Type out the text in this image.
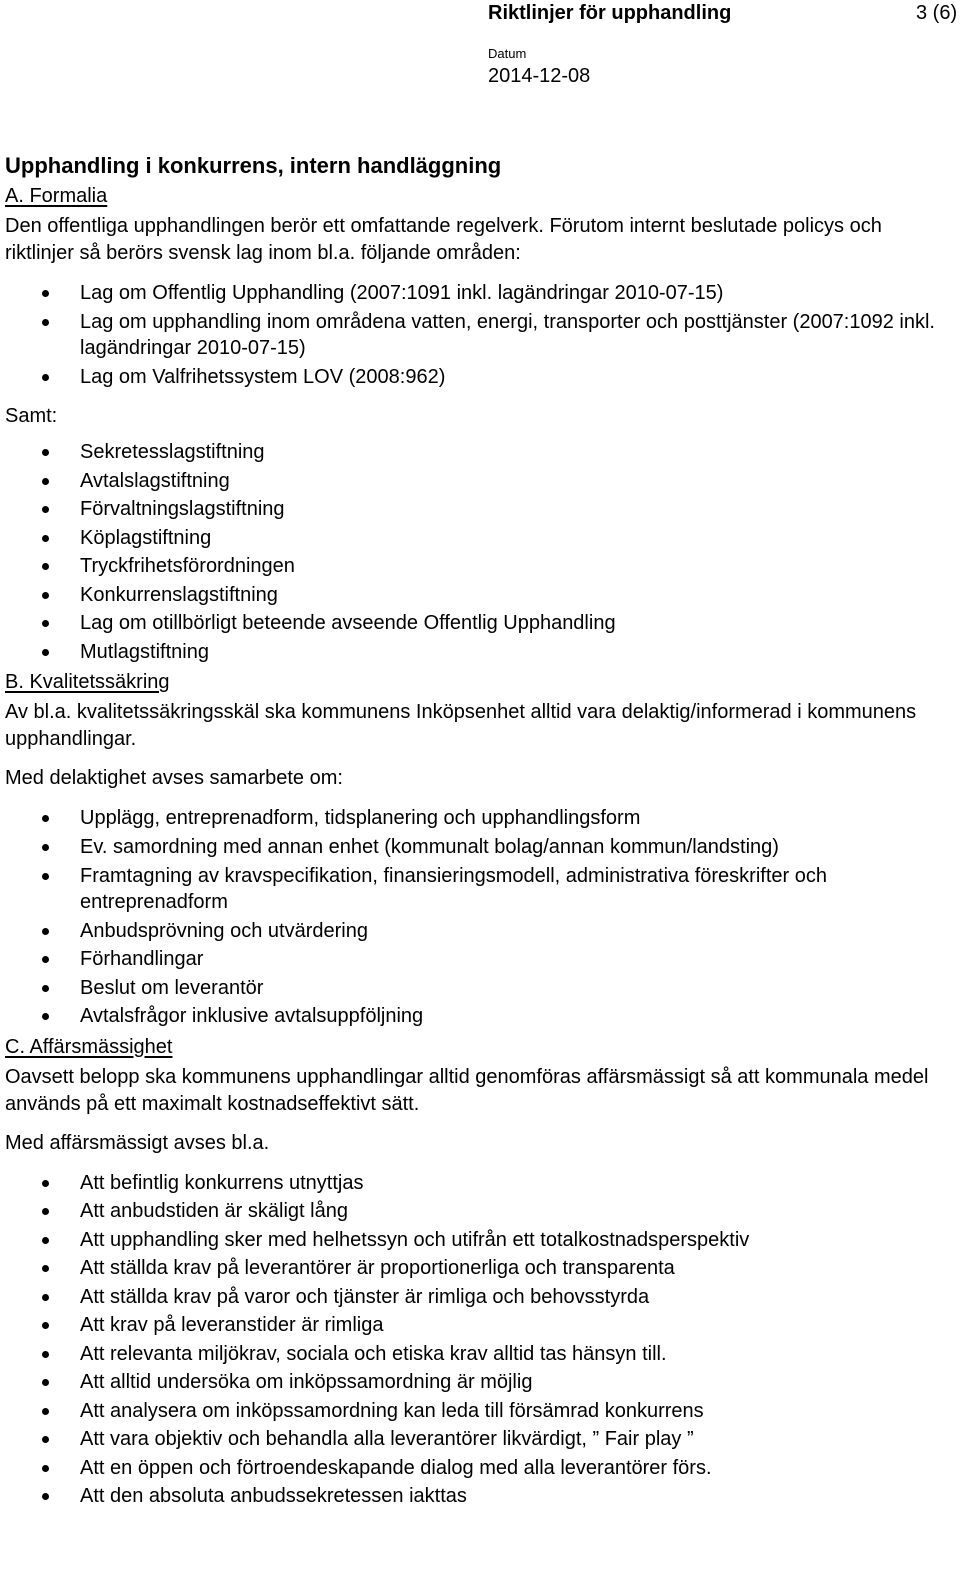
Riktlinjer för upphandling	3 (6)
Datum
2014-12-08

Upphandling i konkurrens, intern handläggning

A. Formalia

Den offentliga upphandlingen berör ett omfattande regelverk. Förutom internt beslutade policys och riktlinjer så berörs svensk lag inom bl.a. följande områden:

Lag om Offentlig Upphandling (2007:1091 inkl. lagändringar 2010-07-15)
Lag om upphandling inom områdena vatten, energi, transporter och posttjänster (2007:1092 inkl. lagändringar 2010-07-15)
Lag om Valfrihetssystem LOV (2008:962)

Samt:

Sekretesslagstiftning
Avtalslagstiftning
Förvaltningslagstiftning
Köplagstiftning
Tryckfrihetsförordningen
Konkurrenslagstiftning
Lag om otillbörligt beteende avseende Offentlig Upphandling
Mutlagstiftning

B. Kvalitetssäkring

Av bl.a. kvalitetssäkringsskäl ska kommunens Inköpsenhet alltid vara delaktig/informerad i kommunens upphandlingar.

Med delaktighet avses samarbete om:

Upplägg, entreprenadform, tidsplanering och upphandlingsform
Ev. samordning med annan enhet (kommunalt bolag/annan kommun/landsting)
Framtagning av kravspecifikation, finansieringsmodell, administrativa föreskrifter och entreprenadform
Anbudsprövning och utvärdering
Förhandlingar
Beslut om leverantör
Avtalsfrågor inklusive avtalsuppföljning

C. Affärsmässighet

Oavsett belopp ska kommunens upphandlingar alltid genomföras affärsmässigt så att kommunala medel används på ett maximalt kostnadseffektivt sätt.

Med affärsmässigt avses bl.a.

Att befintlig konkurrens utnyttjas
Att anbudstiden är skäligt lång
Att upphandling sker med helhetssyn och utifrån ett totalkostnadsperspektiv
Att ställda krav på leverantörer är proportionerliga och transparenta
Att ställda krav på varor och tjänster är rimliga och behovsstyrda
Att krav på leveranstider är rimliga
Att relevanta miljökrav, sociala och etiska krav alltid tas hänsyn till.
Att alltid undersöka om inköpssamordning är möjlig
Att analysera om inköpssamordning kan leda till försämrad konkurrens
Att vara objektiv och behandla alla leverantörer likvärdigt, ” Fair play ”
Att en öppen och förtroendeskapande dialog med alla leverantörer förs.
Att den absoluta anbudssekretessen iakttas
